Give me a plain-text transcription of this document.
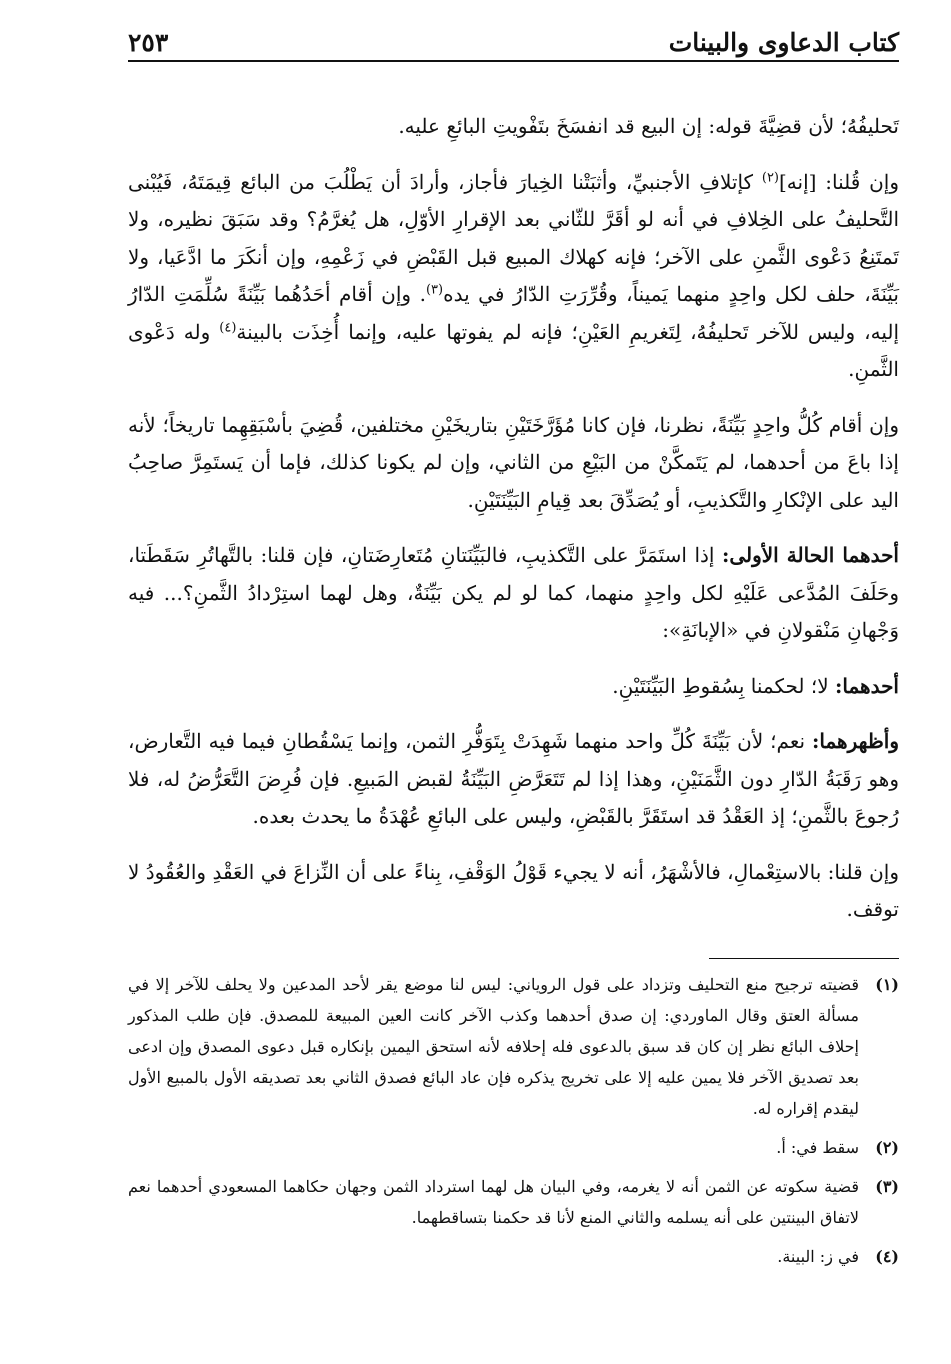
كتاب الدعاوى والبينات
٢٥٣

تَحليفُهُ؛ لأن قضِيَّةَ قوله: إن البيع قد انفسَخَ بتَفْويتِ البائعِ عليه.

وإن قُلنا: [إنه]$^{(٢)}$ كإتلافِ الأجنبيِّ، وأثبَتْنا الخِيارَ فأجاز، وأرادَ أن يَطْلُبَ من البائع قِيمَتَهُ، فَيُبْنى التَّحليفُ على الخِلافِ في أنه لو أقَرَّ للثّاني بعد الإقرارِ الأوّلِ، هل يُغرَّمُ؟ وقد سَبَقَ نظيره، ولا تَمتَنِعُ دَعْوى الثَّمنِ على الآخر؛ فإنه كهلاك المبيع قبل القَبْضِ في زَعْمِهِ، وإن أنكَرَ ما ادَّعَيا، ولا بَيِّنَةَ، حلف لكل واحِدٍ منهما يَميناً، وقُرِّرَتِ الدّارُ في يده$^{(٣)}$. وإن أقام أحَدُهُما بَيِّنَةً سُلِّمَتِ الدّارُ إليه، وليس للآخر تَحليفُهُ، لِتَغريمِ العَيْنِ؛ فإنه لم يفوتها عليه، وإنما أُخِذَت بالبينة$^{(٤)}$ وله دَعْوى الثَّمنِ.

وإن أقام كُلُّ واحِدٍ بَيِّنَةً، نظرنا، فإن كانا مُؤَرَّخَتَيْنِ بتاريخَيْنِ مختلفين، قُضِيَ بأسْبَقِهِما تاريخاً؛ لأنه إذا باعَ من أحدهما، لم يَتَمكَّنْ من البَيْعِ من الثاني، وإن لم يكونا كذلك، فإما أن يَستَمِرَّ صاحِبُ اليد على الإنْكارِ والتَّكذيبِ، أو يُصَدِّقَ بعد قِيامِ البَيِّنَتَيْنِ.

أحدهما الحالة الأولى: إذا استَمَرَّ على التَّكذيبِ، فالبَيِّنَتانِ مُتَعارِضَتانِ، فإن قلنا: بالتَّهاتُرِ سَقَطَتا، وحَلَفَ المُدَّعى عَلَيْهِ لكل واحِدٍ منهما، كما لو لم يكن بَيِّنَةٌ، وهل لهما استِرْدادُ الثَّمنِ؟... فيه وَجْهانِ مَنْقولانِ في «الإبانَةِ»:

أحدهما: لا؛ لحكمنا بِسُقوطِ البَيِّنَتَيْنِ.

وأظهرهما: نعم؛ لأن بَيِّنَةَ كُلِّ واحد منهما شَهِدَتْ بِتَوَفُّرِ الثمن، وإنما يَسْقُطانِ فيما فيه التَّعارض، وهو رَقَبَةُ الدّارِ دون الثَّمَنَيْنِ، وهذا إذا لم تَتَعَرَّضِ البَيِّنَةُ لقبض المَبيعِ. فإن فُرِضَ التَّعَرُّضُ له، فلا رُجوعَ بالثَّمنِ؛ إذ العَقْدُ قد استَقَرَّ بالقَبْضِ، وليس على البائعِ عُهْدَةُ ما يحدث بعده.

وإن قلنا: بالاستِعْمالِ، فالأشْهَرُ، أنه لا يجيء قَوْلُ الوَقْفِ، بِناءً على أن النِّزاعَ في العَقْدِ والعُقُودُ لا توقف.

(١)
قضيته ترجيح منع التحليف وتزداد على قول الروياني: ليس لنا موضع يقر لأحد المدعين ولا يحلف للآخر إلا في مسألة العتق وقال الماوردي: إن صدق أحدهما وكذب الآخر كانت العين المبيعة للمصدق. فإن طلب المذكور إحلاف البائع نظر إن كان قد سبق بالدعوى فله إحلافه لأنه استحق اليمين بإنكاره قبل دعوى المصدق وإن ادعى بعد تصديق الآخر فلا يمين عليه إلا على تخريج يذكره فإن عاد البائع فصدق الثاني بعد تصديقه الأول بالمبيع الأول ليقدم إقراره له.
(٢)
سقط في: أ.
(٣)
قضية سكوته عن الثمن أنه لا يغرمه، وفي البيان هل لهما استرداد الثمن وجهان حكاهما المسعودي أحدهما نعم لاتفاق البينتين على أنه يسلمه والثاني المنع لأنا قد حكمنا بتساقطهما.
(٤)
في ز: البينة.
